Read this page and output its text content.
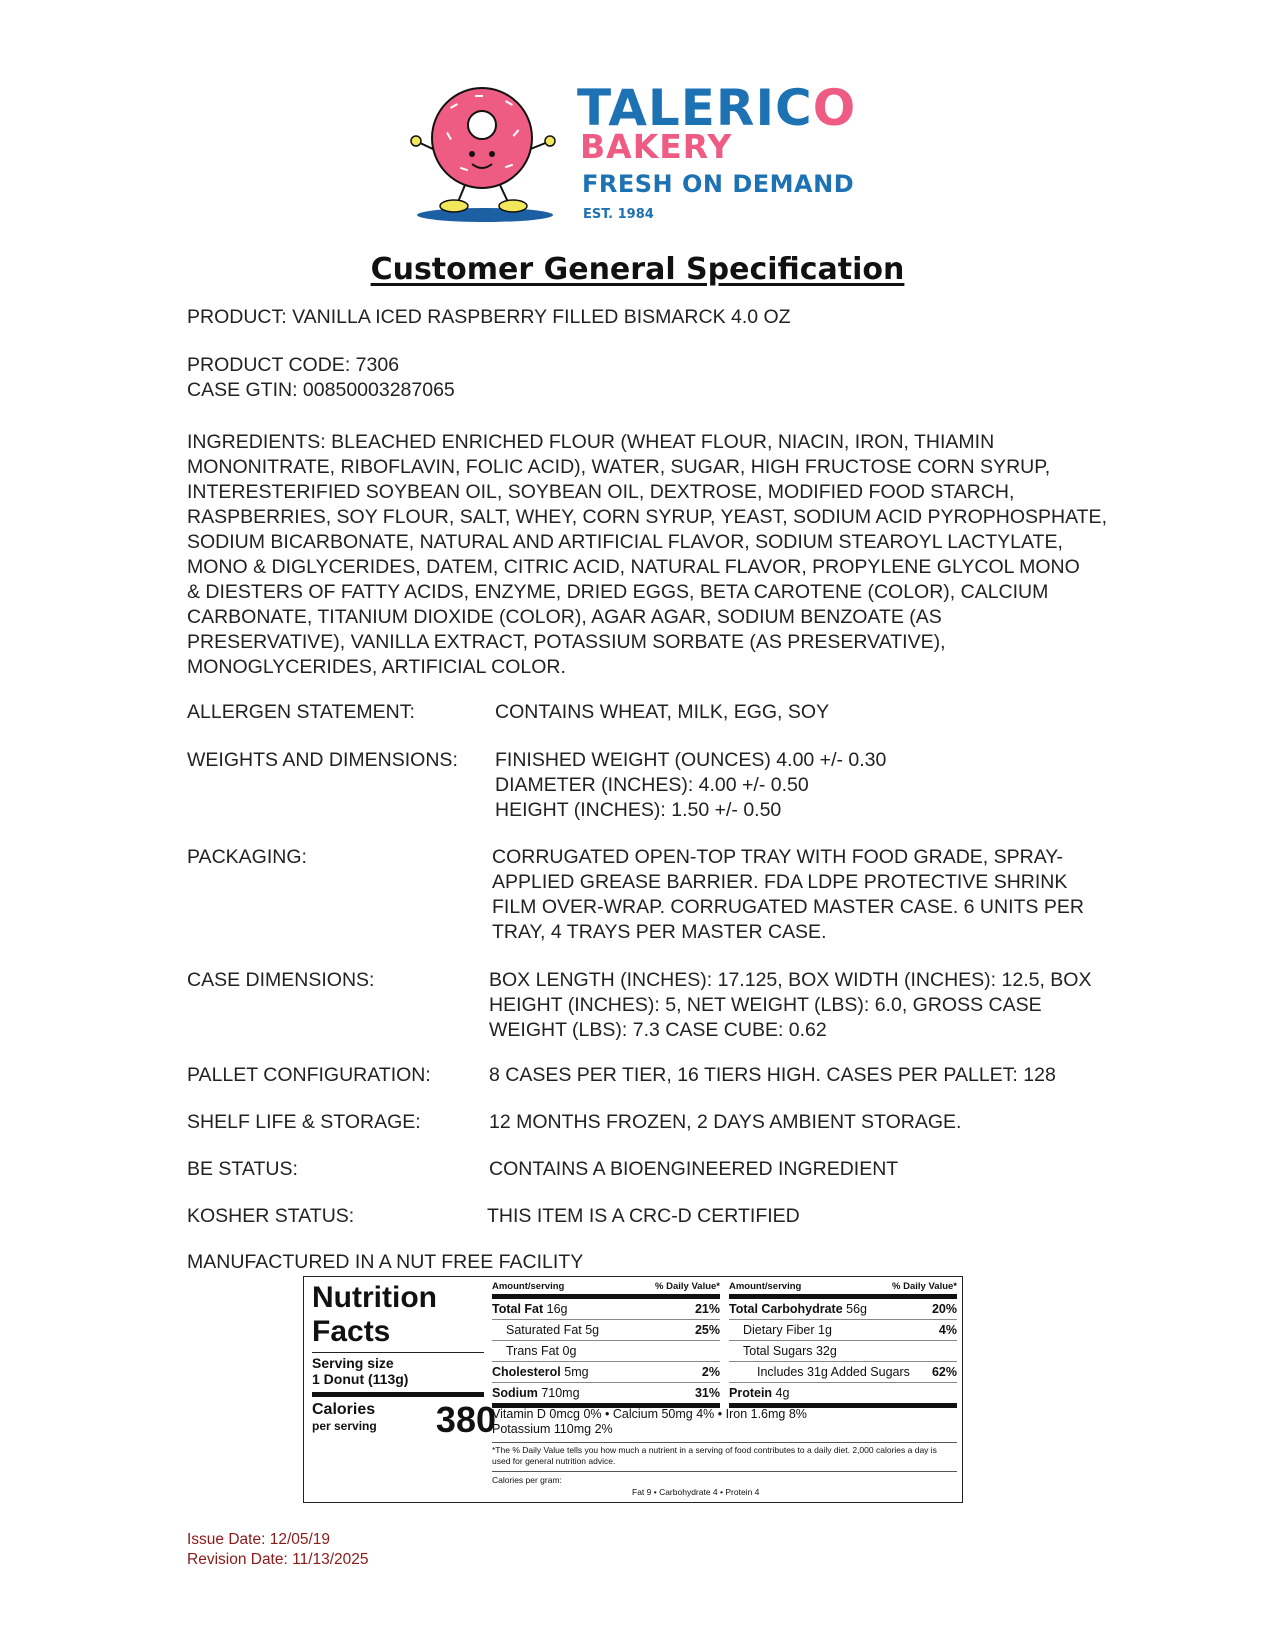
TALERICO
BAKERY
FRESH ON DEMAND
EST. 1984
Customer General Specification
PRODUCT: VANILLA ICED RASPBERRY FILLED BISMARCK 4.0 OZ
PRODUCT CODE: 7306
CASE GTIN: 00850003287065
INGREDIENTS: BLEACHED ENRICHED FLOUR (WHEAT FLOUR, NIACIN, IRON, THIAMIN
MONONITRATE, RIBOFLAVIN, FOLIC ACID), WATER, SUGAR, HIGH FRUCTOSE CORN SYRUP,
INTERESTERIFIED SOYBEAN OIL, SOYBEAN OIL, DEXTROSE, MODIFIED FOOD STARCH,
RASPBERRIES, SOY FLOUR, SALT, WHEY, CORN SYRUP, YEAST, SODIUM ACID PYROPHOSPHATE,
SODIUM BICARBONATE, NATURAL AND ARTIFICIAL FLAVOR, SODIUM STEAROYL LACTYLATE,
MONO & DIGLYCERIDES, DATEM, CITRIC ACID, NATURAL FLAVOR, PROPYLENE GLYCOL MONO
& DIESTERS OF FATTY ACIDS, ENZYME, DRIED EGGS, BETA CAROTENE (COLOR), CALCIUM
CARBONATE, TITANIUM DIOXIDE (COLOR), AGAR AGAR, SODIUM BENZOATE (AS
PRESERVATIVE), VANILLA EXTRACT, POTASSIUM SORBATE (AS PRESERVATIVE),
MONOGLYCERIDES, ARTIFICIAL COLOR.
ALLERGEN STATEMENT:	CONTAINS WHEAT, MILK, EGG, SOY
WEIGHTS AND DIMENSIONS: FINISHED WEIGHT (OUNCES) 4.00 +/- 0.30
DIAMETER (INCHES): 4.00 +/- 0.50
HEIGHT (INCHES): 1.50 +/- 0.50
PACKAGING:	CORRUGATED OPEN-TOP TRAY WITH FOOD GRADE, SPRAY-
APPLIED GREASE BARRIER. FDA LDPE PROTECTIVE SHRINK
FILM OVER-WRAP. CORRUGATED MASTER CASE. 6 UNITS PER
TRAY, 4 TRAYS PER MASTER CASE.
CASE DIMENSIONS:	BOX LENGTH (INCHES): 17.125, BOX WIDTH (INCHES): 12.5, BOX
HEIGHT (INCHES): 5, NET WEIGHT (LBS): 6.0, GROSS CASE
WEIGHT (LBS): 7.3 CASE CUBE: 0.62
PALLET CONFIGURATION:	8 CASES PER TIER, 16 TIERS HIGH. CASES PER PALLET: 128
SHELF LIFE & STORAGE:	12 MONTHS FROZEN, 2 DAYS AMBIENT STORAGE.
BE STATUS:	CONTAINS A BIOENGINEERED INGREDIENT
KOSHER STATUS:	THIS ITEM IS A CRC-D CERTIFIED
MANUFACTURED IN A NUT FREE FACILITY
Nutrition
Facts
Serving size
1 Donut (113g)
Calories
per serving	380
Amount/serving	% Daily Value*
Total Fat 16g	21%
Saturated Fat 5g	25%
Trans Fat 0g
Cholesterol 5mg	2%
Sodium 710mg	31%
Amount/serving	% Daily Value*
Total Carbohydrate 56g	20%
Dietary Fiber 1g	4%
Total Sugars 32g
Includes 31g Added Sugars 62%
Protein 4g
Vitamin D 0mcg 0% • Calcium 50mg 4% • Iron 1.6mg 8%
Potassium 110mg 2%
*The % Daily Value tells you how much a nutrient in a serving of food contributes to a daily diet. 2,000 calories a day is used for general nutrition advice.
Calories per gram:
Fat 9 • Carbohydrate 4 • Protein 4
Issue Date: 12/05/19
Revision Date: 11/13/2025
